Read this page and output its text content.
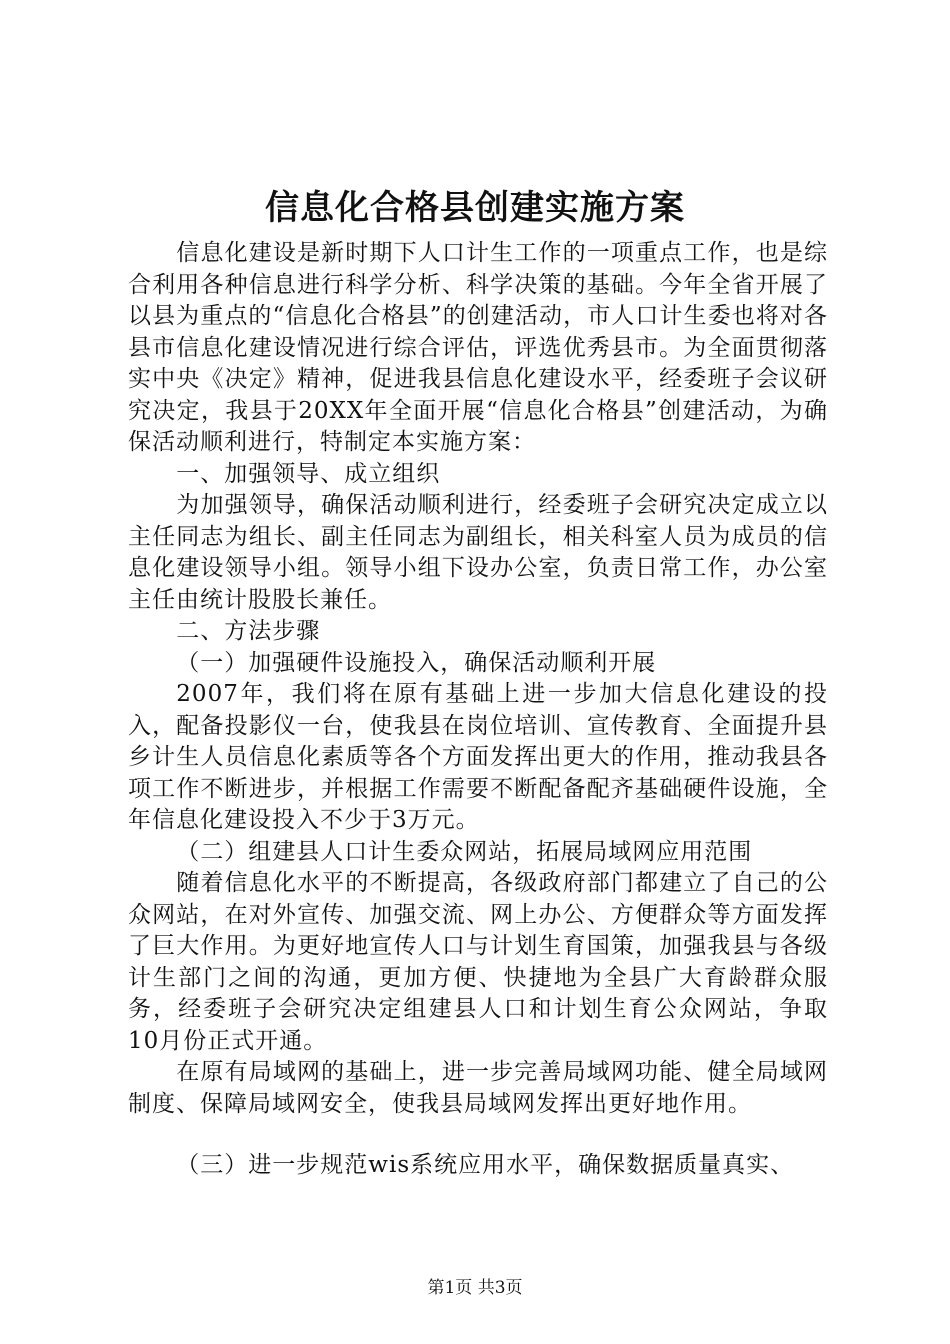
信息化合格县创建实施方案

信息化建设是新时期下人口计生工作的一项重点工作，也是综合利用各种信息进行科学分析、科学决策的基础。今年全省开展了以县为重点的“信息化合格县”的创建活动，市人口计生委也将对各县市信息化建设情况进行综合评估，评选优秀县市。为全面贯彻落实中央《决定》精神，促进我县信息化建设水平，经委班子会议研究决定，我县于20XX年全面开展“信息化合格县”创建活动，为确保活动顺利进行，特制定本实施方案：

一、加强领导、成立组织

为加强领导，确保活动顺利进行，经委班子会研究决定成立以主任同志为组长、副主任同志为副组长，相关科室人员为成员的信息化建设领导小组。领导小组下设办公室，负责日常工作，办公室主任由统计股股长兼任。

二、方法步骤

（一）加强硬件设施投入，确保活动顺利开展

2007年，我们将在原有基础上进一步加大信息化建设的投入，配备投影仪一台，使我县在岗位培训、宣传教育、全面提升县乡计生人员信息化素质等各个方面发挥出更大的作用，推动我县各项工作不断进步，并根据工作需要不断配备配齐基础硬件设施，全年信息化建设投入不少于3万元。

（二）组建县人口计生委众网站，拓展局域网应用范围

随着信息化水平的不断提高，各级政府部门都建立了自己的公众网站，在对外宣传、加强交流、网上办公、方便群众等方面发挥了巨大作用。为更好地宣传人口与计划生育国策，加强我县与各级计生部门之间的沟通，更加方便、快捷地为全县广大育龄群众服务，经委班子会研究决定组建县人口和计划生育公众网站，争取10月份正式开通。

在原有局域网的基础上，进一步完善局域网功能、健全局域网制度、保障局域网安全，使我县局域网发挥出更好地作用。

（三）进一步规范wis系统应用水平，确保数据质量真实、

第1页 共3页
